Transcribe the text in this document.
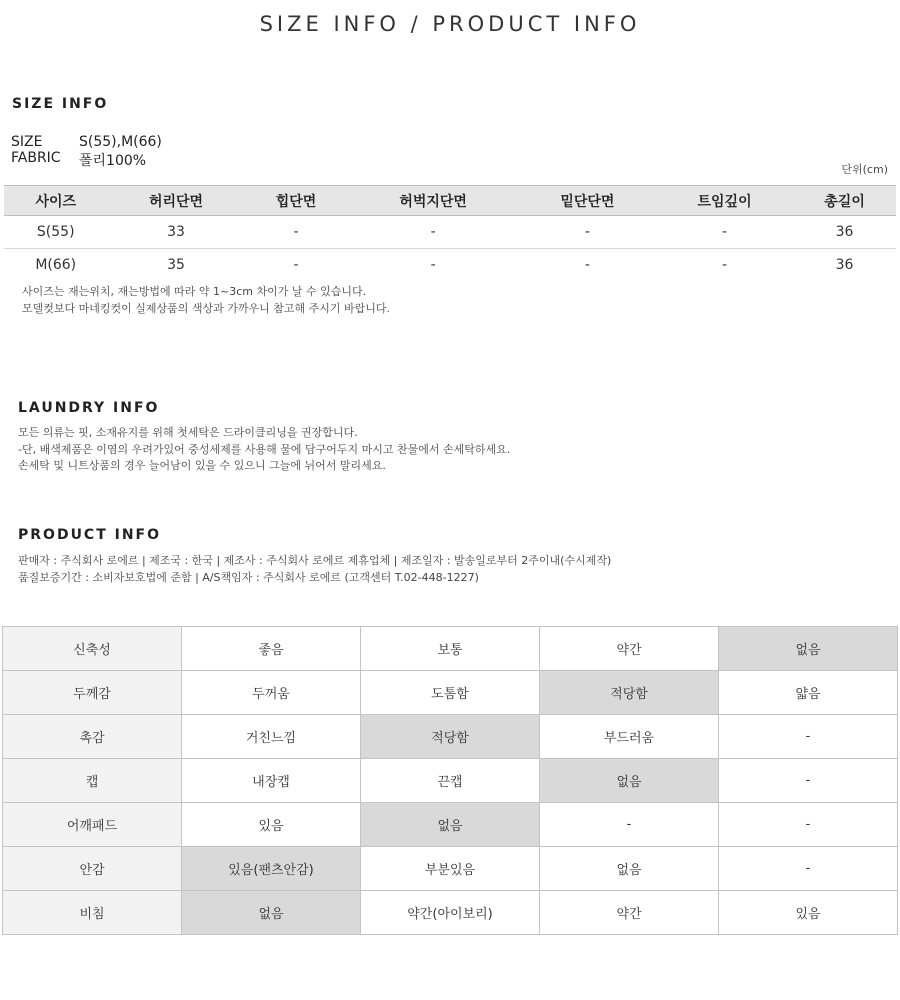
SIZE INFO / PRODUCT INFO
SIZE INFO
SIZE	S(55),M(66)
FABRIC	폴리100%
단위(cm)
사이즈	허리단면	힙단면	허벅지단면	밑단단면	트임깊이	총길이
S(55)	33	-	-	-	-	36
M(66)	35	-	-	-	-	36
사이즈는 재는위치, 재는방법에 따라 약 1~3cm 차이가 날 수 있습니다.
모델컷보다 마네킹컷이 실제상품의 색상과 가까우니 참고해 주시기 바랍니다.
LAUNDRY INFO
모든 의류는 핏, 소재유지를 위해 첫세탁은 드라이클리닝을 권장합니다.
-단, 배색제품은 이염의 우려가있어 중성세제를 사용해 물에 담구어두지 마시고 찬물에서 손세탁하세요.
손세탁 및 니트상품의 경우 늘어남이 있을 수 있으니 그늘에 뉘어서 말리세요.
PRODUCT INFO
판매자 : 주식회사 로에르 | 제조국 : 한국 | 제조사 : 주식회사 로에르 제휴업체 | 제조일자 : 발송일로부터 2주이내(수시제작)
품질보증기간 : 소비자보호법에 준함 | A/S책임자 : 주식회사 로에르 (고객센터 T.02-448-1227)
신축성	좋음	보통	약간	없음
두께감	두꺼움	도톰함	적당함	얇음
촉감	거친느낌	적당함	부드러움	-
캡	내장캡	끈캡	없음	-
어깨패드	있음	없음	-	-
안감	있음(팬츠안감)	부분있음	없음	-
비침	없음	약간(아이보리)	약간	있음
